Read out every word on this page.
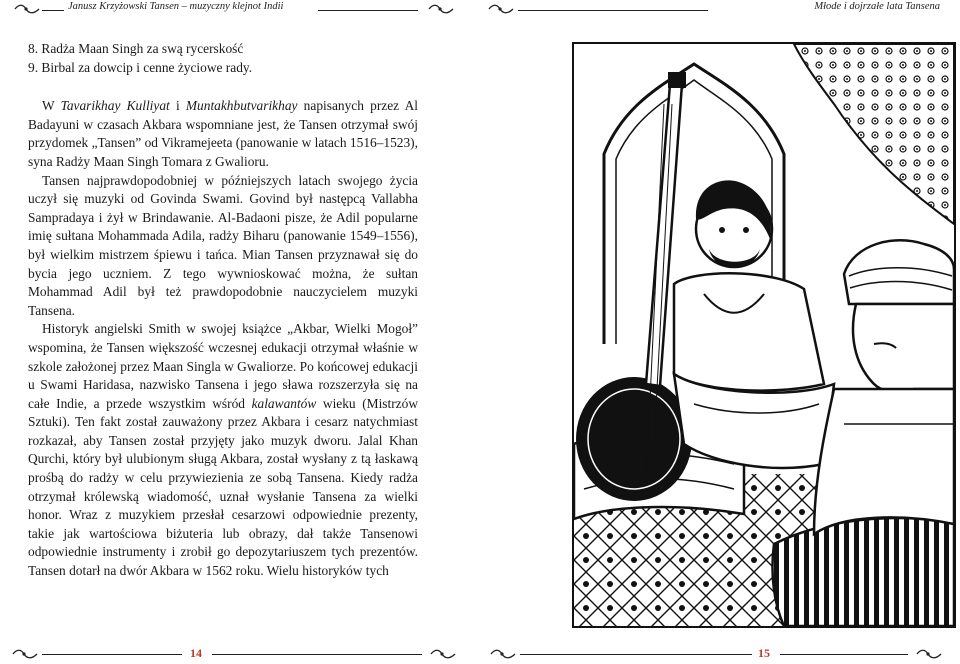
Janusz Krzyżowski Tansen – muzyczny klejnot Indii
8. Radża Maan Singh za swą rycerskość
9. Birbal za dowcip i cenne życiowe rady.

W Tavarikhay Kulliyat i Muntakhbutvarikhay napisanych przez Al Badayuni w czasach Akbara wspomniane jest, że Tansen otrzymał swój przydomek „Tansen” od Vikramejeeta (panowanie w latach 1516–1523), syna Radży Maan Singh Tomara z Gwalioru.

Tansen najprawdopodobniej w późniejszych latach swojego życia uczył się muzyki od Govinda Swami. Govind był następcą Vallabha Sampradaya i żył w Brindawanie. Al-Badaoni pisze, że Adil popularne imię sułtana Mohammada Adila, radży Biharu (panowanie 1549–1556), był wielkim mistrzem śpiewu i tańca. Mian Tansen przyznawał się do bycia jego uczniem. Z tego wywnioskować można, że sułtan Mohammad Adil był też prawdopodobnie nauczycielem muzyki Tansena.

Historyk angielski Smith w swojej książce „Akbar, Wielki Mogoł” wspomina, że Tansen większość wczesnej edukacji otrzymał właśnie w szkole założonej przez Maan Singla w Gwaliorze. Po końcowej edukacji u Swami Haridasa, nazwisko Tansena i jego sława rozszerzyła się na całe Indie, a przede wszystkim wśród kalawantów wieku (Mistrzów Sztuki). Ten fakt został zauważony przez Akbara i cesarz natychmiast rozkazał, aby Tansen został przyjęty jako muzyk dworu. Jalal Khan Qurchi, który był ulubionym sługą Akbara, został wysłany z tą łaskawą prośbą do radży w celu przywiezienia ze sobą Tansena. Kiedy radża otrzymał królewską wiadomość, uznał wysłanie Tansena za wielki honor. Wraz z muzykiem przesłał cesarzowi odpowiednie prezenty, takie jak wartościowa biżuteria lub obrazy, dał także Tansenowi odpowiednie instrumenty i zrobił go depozytariuszem tych prezentów. Tansen dotarł na dwór Akbara w 1562 roku. Wielu historyków tych

14
Młode i dojrzałe lata Tansena
15
